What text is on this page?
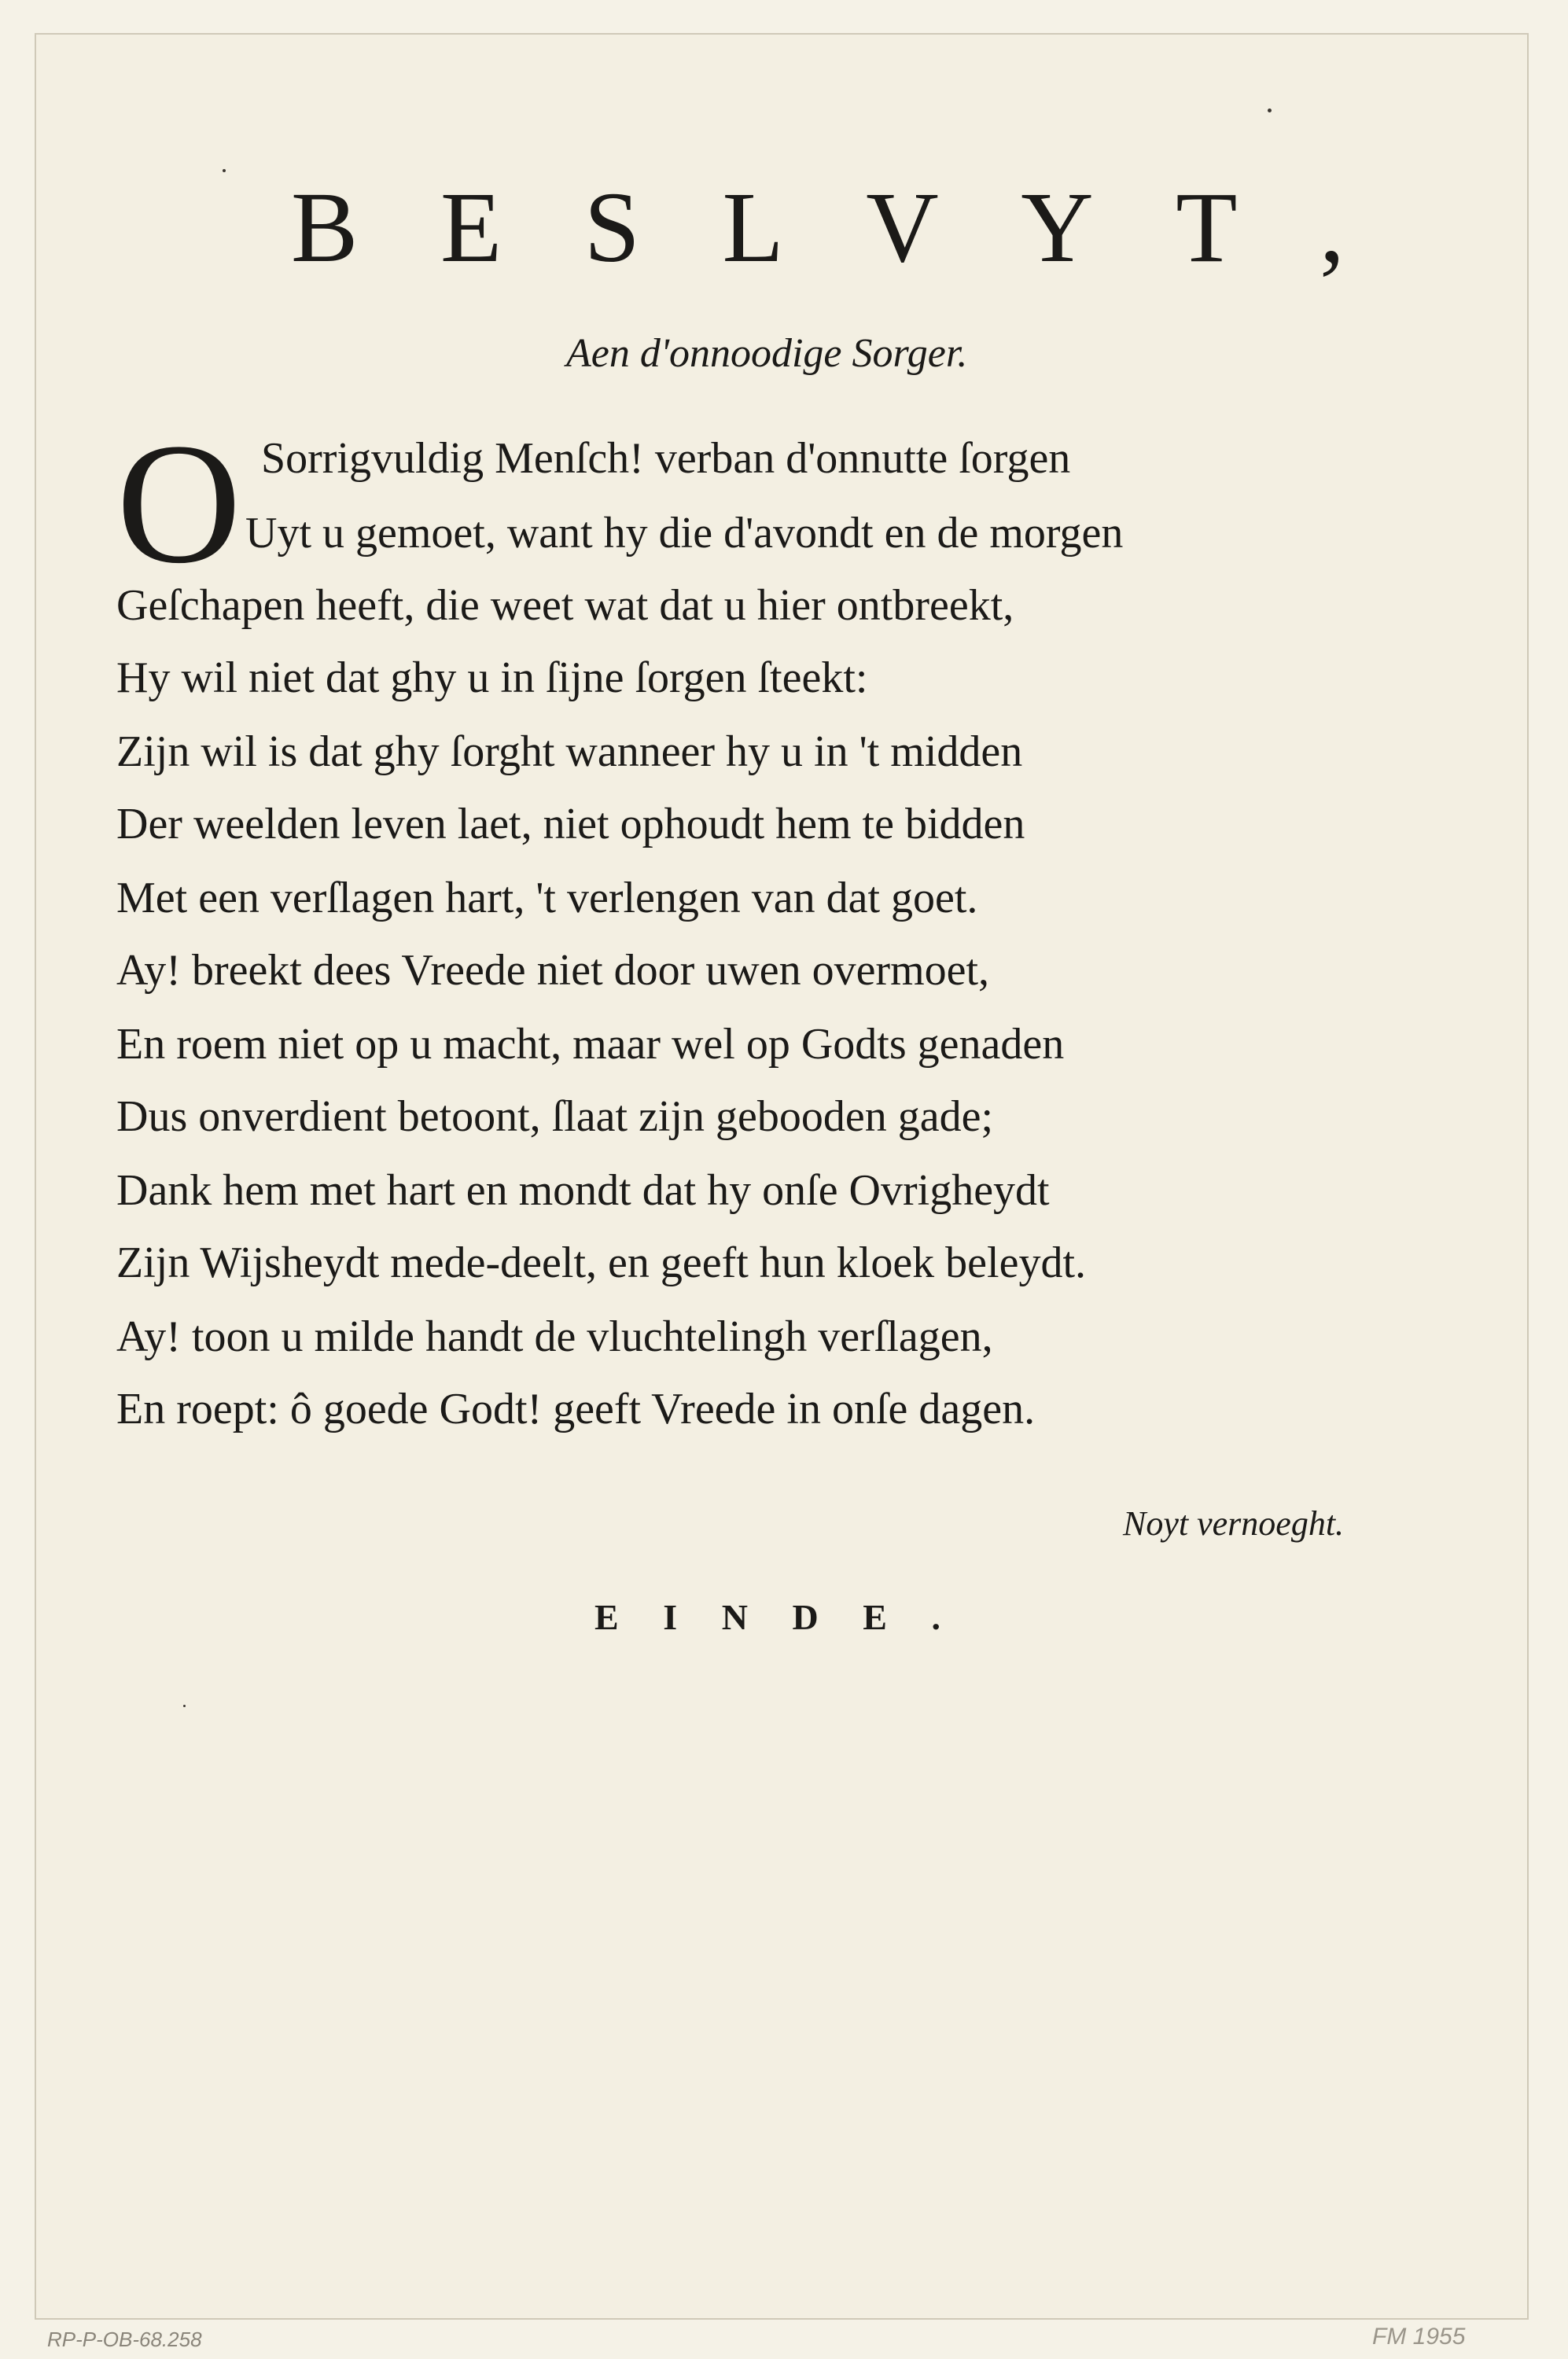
B E S L V Y T ,
Aen d'onnoodige Sorger.
O Sorrigvuldig Menſch! verban d'onnutte ſorgen
Uyt u gemoet, want hy die d'avondt en de morgen
Geſchapen heeft, die weet wat dat u hier ontbreekt,
Hy wil niet dat ghy u in ſijne ſorgen ſteekt:
Zijn wil is dat ghy ſorght wanneer hy u in 't midden
Der weelden leven laet, niet ophoudt hem te bidden
Met een verſlagen hart, 't verlengen van dat goet.
Ay! breekt dees Vreede niet door uwen overmoet,
En roem niet op u macht, maar wel op Godts genaden
Dus onverdient betoont, ſlaat zijn gebooden gade;
Dank hem met hart en mondt dat hy onſe Ovrigheydt
Zijn Wijsheydt mede-deelt, en geeft hun kloek beleydt.
Ay! toon u milde handt de vluchtelingh verſlagen,
En roept: ô goede Godt! geeft Vreede in onſe dagen.
Noyt vernoeght.
E I N D E .
RP-P-OB-68.258	FM 1955
